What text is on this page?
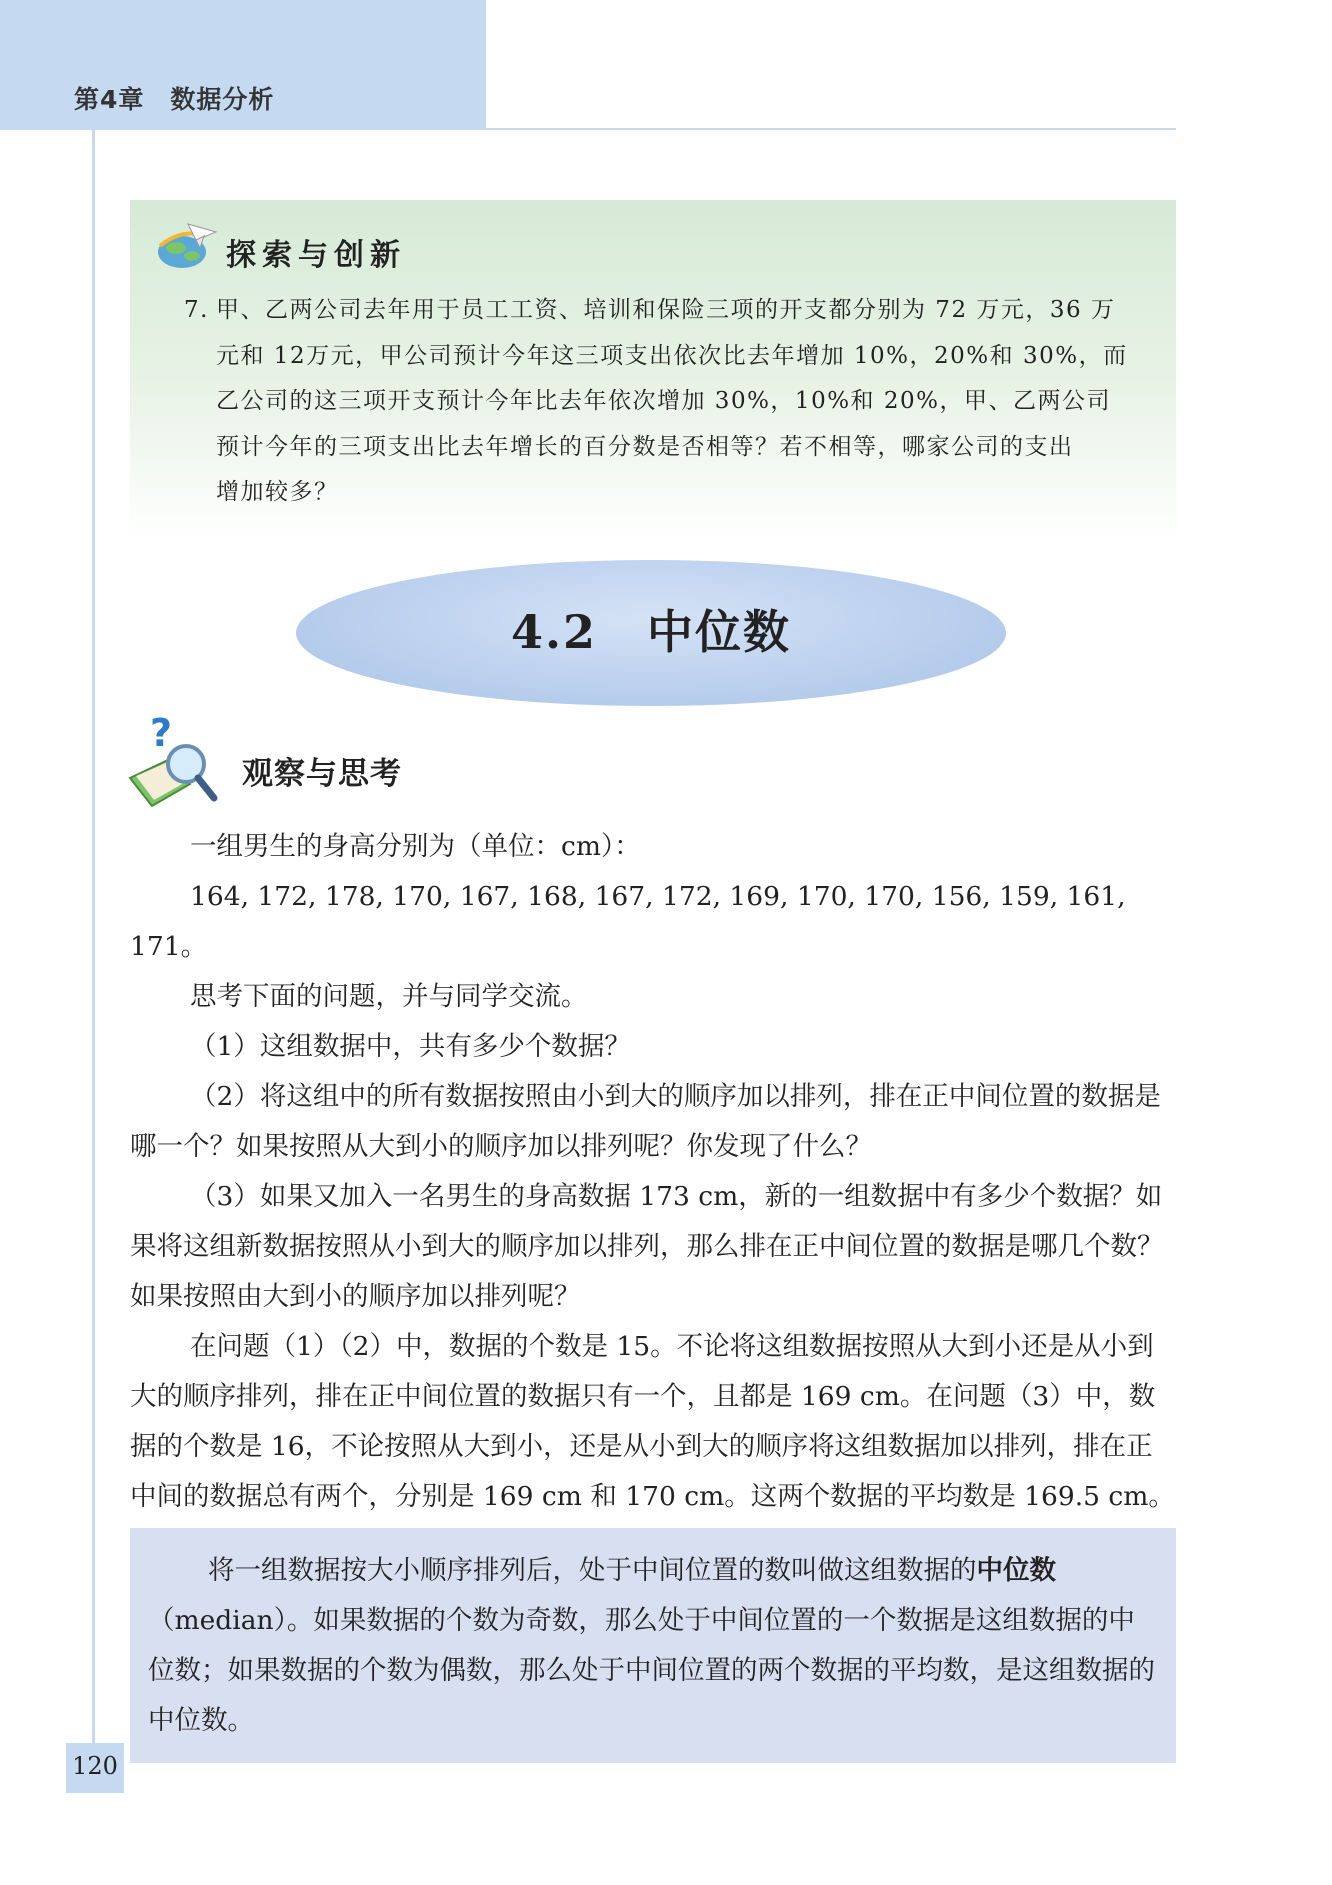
第4章 数据分析
探索与创新
7. 甲、乙两公司去年用于员工工资、培训和保险三项的开支都分别为 72 万元，36 万
元和 12万元，甲公司预计今年这三项支出依次比去年增加 10%，20%和 30%，而
乙公司的这三项开支预计今年比去年依次增加 30%，10%和 20%，甲、乙两公司
预计今年的三项支出比去年增长的百分数是否相等？若不相等，哪家公司的支出
增加较多？
4.2 中位数
?
观察与思考

一组男生的身高分别为（单位：cm）：

164, 172, 178, 170, 167, 168, 167, 172, 169, 170, 170, 156, 159, 161, 171。

思考下面的问题，并与同学交流。

（1）这组数据中，共有多少个数据？

（2）将这组中的所有数据按照由小到大的顺序加以排列，排在正中间位置的数据是哪一个？如果按照从大到小的顺序加以排列呢？你发现了什么？

（3）如果又加入一名男生的身高数据 173 cm，新的一组数据中有多少个数据？如果将这组新数据按照从小到大的顺序加以排列，那么排在正中间位置的数据是哪几个数？如果按照由大到小的顺序加以排列呢？

在问题（1）（2）中，数据的个数是 15。不论将这组数据按照从大到小还是从小到大的顺序排列，排在正中间位置的数据只有一个，且都是 169 cm。在问题（3）中，数据的个数是 16，不论按照从大到小，还是从小到大的顺序将这组数据加以排列，排在正中间的数据总有两个，分别是 169 cm 和 170 cm。这两个数据的平均数是 169.5 cm。

将一组数据按大小顺序排列后，处于中间位置的数叫做这组数据的中位数（median）。如果数据的个数为奇数，那么处于中间位置的一个数据是这组数据的中位数；如果数据的个数为偶数，那么处于中间位置的两个数据的平均数，是这组数据的中位数。
120
